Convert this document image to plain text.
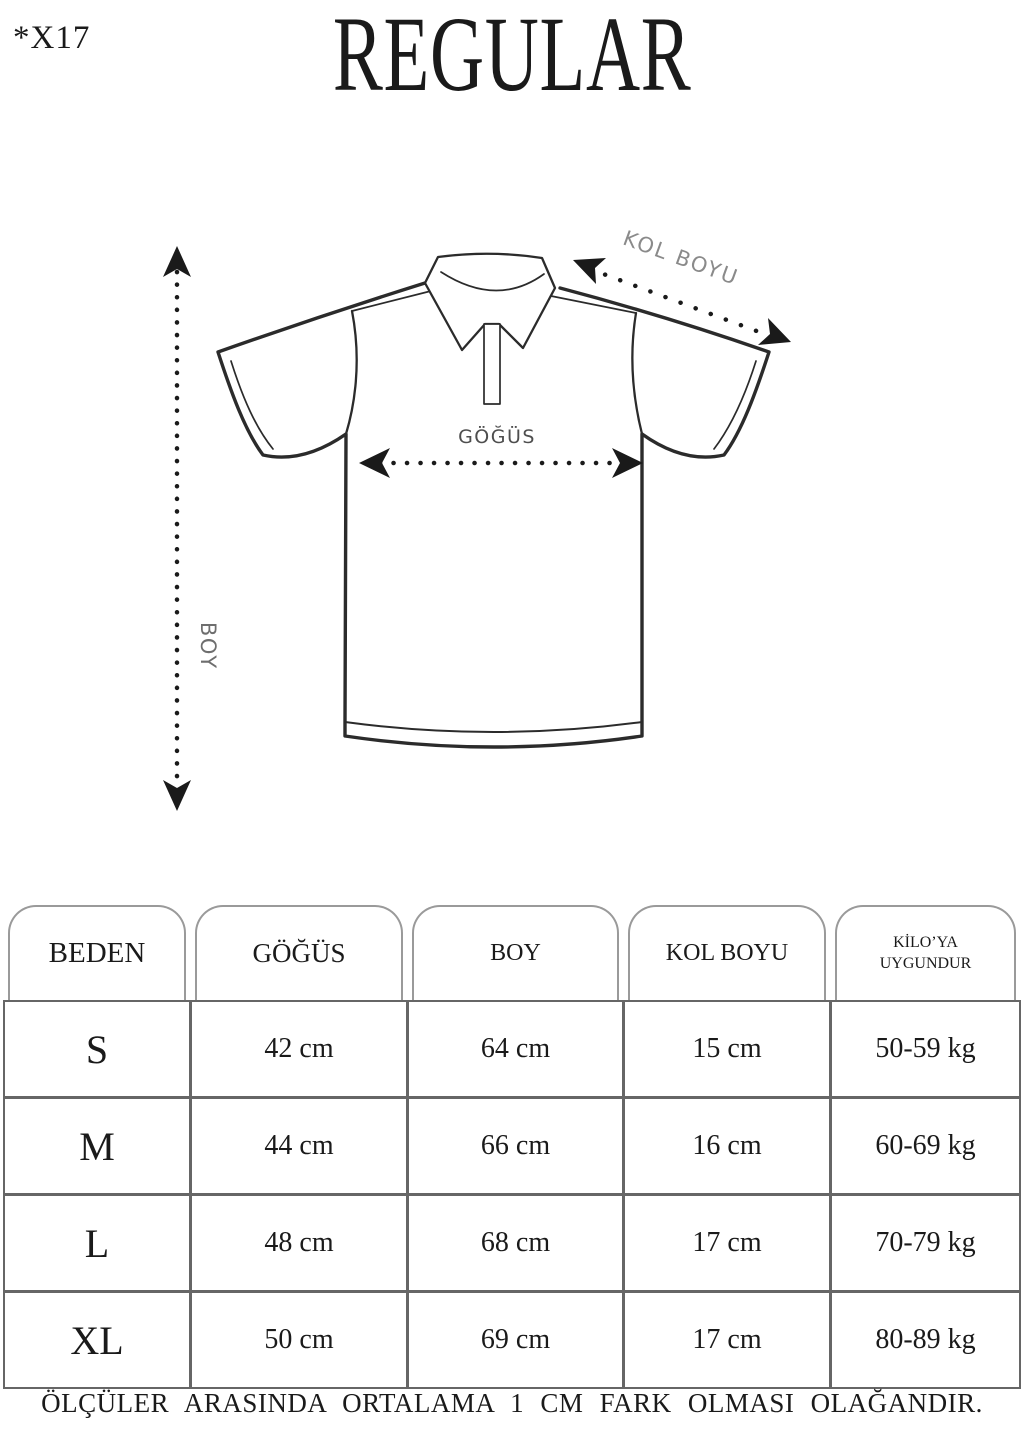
*X17	REGULAR
BOY
GÖĞÜS
KOL BOYU
BEDEN	GÖĞÜS	BOY	KOL BOYU	KİLO’YA UYGUNDUR
S	42 cm	64 cm	15 cm	50-59 kg
M	44 cm	66 cm	16 cm	60-69 kg
L	48 cm	68 cm	17 cm	70-79 kg
XL	50 cm	69 cm	17 cm	80-89 kg
ÖLÇÜLER ARASINDA ORTALAMA 1 CM FARK OLMASI OLAĞANDIR.
